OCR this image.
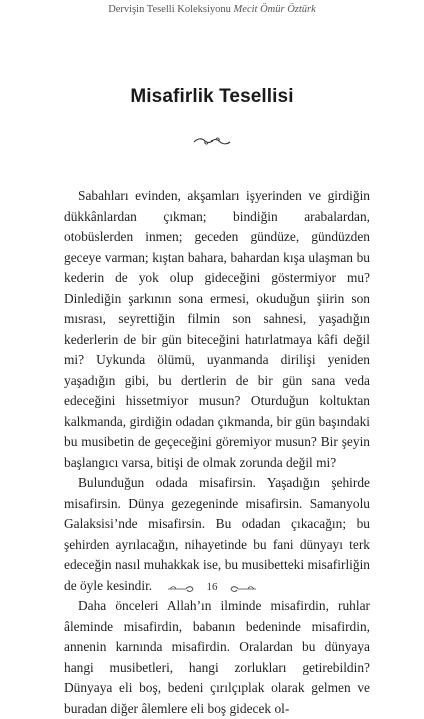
Dervişin Teselli Koleksiyonu Mecit Ömür Öztürk
Misafirlik Tesellisi

Sabahları evinden, akşamları işyerinden ve girdiğin dükkânlardan çıkman; bindiğin arabalardan, otobüslerden inmen; geceden gündüze, gündüzden geceye varman; kıştan bahara, bahardan kışa ulaşman bu kederin de yok olup gideceğini göstermiyor mu? Dinlediğin şarkının sona ermesi, okuduğun şiirin son mısrası, seyrettiğin filmin son sahnesi, yaşadığın kederlerin de bir gün biteceğini hatırlatmaya kâfi değil mi? Uykunda ölümü, uyanmanda dirilişi yeniden yaşadığın gibi, bu dertlerin de bir gün sana veda edeceğini hissetmiyor musun? Oturduğun koltuktan kalkmanda, girdiğin odadan çıkmanda, bir gün başındaki bu musibetin de geçeceğini göremiyor musun? Bir şeyin başlangıcı varsa, bitişi de olmak zorunda değil mi?

Bulunduğun odada misafirsin. Yaşadığın şehirde misafirsin. Dünya gezegeninde misafirsin. Samanyolu Galaksisi’nde misafirsin. Bu odadan çıkacağın; bu şehirden ayrılacağın, nihayetinde bu fani dünyayı terk edeceğin nasıl muhakkak ise, bu musibetteki misafirliğin de öyle kesindir.

Daha önceleri Allah’ın ilminde misafirdin, ruhlar âleminde misafirdin, babanın bedeninde misafirdin, annenin karnında misafirdin. Oralardan bu dünyaya hangi musibetleri, hangi zorlukları getirebildin? Dünyaya eli boş, bedeni çırılçıplak olarak gelmen ve buradan diğer âlemlere eli boş gidecek ol-

16
